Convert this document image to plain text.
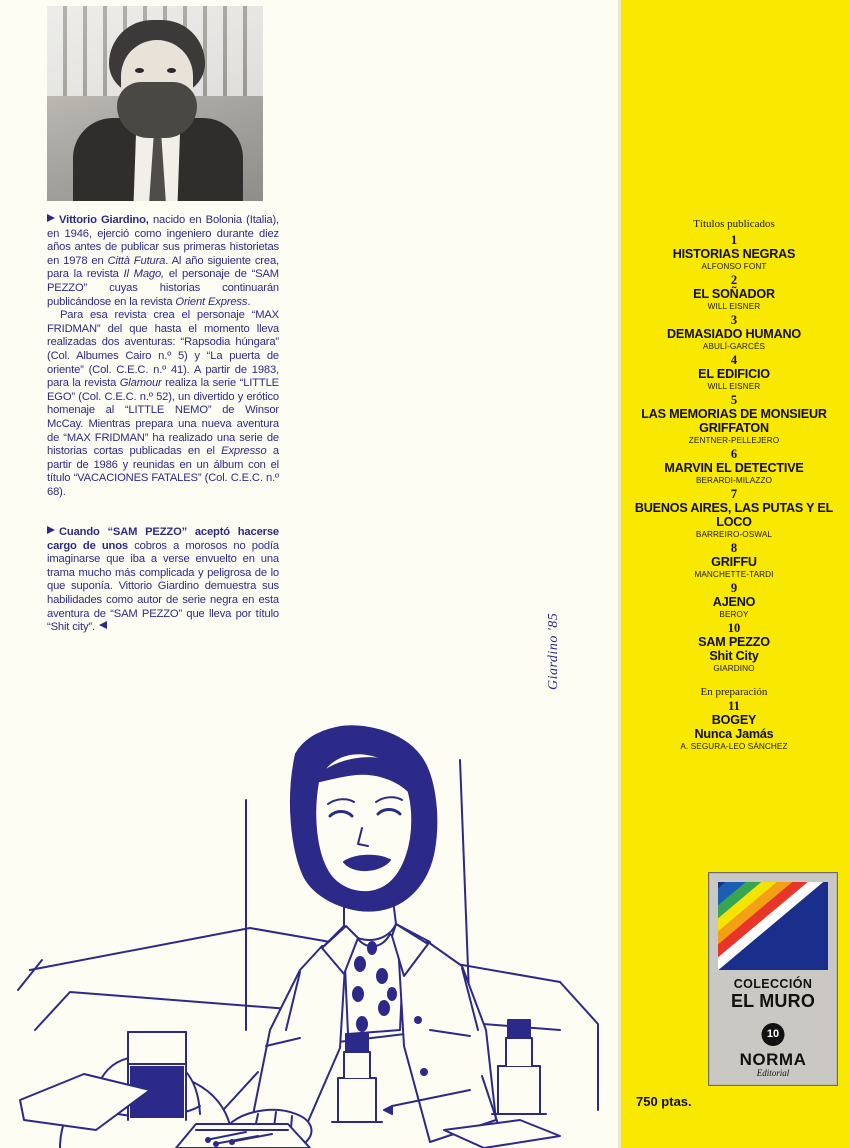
Vittorio Giardino, nacido en Bolonia (Italia), en 1946, ejerció como ingeniero durante diez años antes de publicar sus primeras historietas en 1978 en Città Futura. Al año siguiente crea, para la revista Il Mago, el personaje de “SAM PEZZO” cuyas historias continuarán publicándose en la revista Orient Express.

Para esa revista crea el personaje “MAX FRIDMAN” del que hasta el momento lleva realizadas dos aventuras: “Rapsodia húngara” (Col. Albumes Cairo n.º 5) y “La puerta de oriente” (Col. C.E.C. n.º 41). A partir de 1983, para la revista Glamour realiza la serie “LITTLE EGO” (Col. C.E.C. n.º 52), un divertido y erótico homenaje al “LITTLE NEMO” de Winsor McCay. Mientras prepara una nueva aventura de “MAX FRIDMAN” ha realizado una serie de historias cortas publicadas en el Expresso a partir de 1986 y reunidas en un álbum con el título “VACACIONES FATALES” (Col. C.E.C. n.º 68).

Cuando “SAM PEZZO” aceptó hacerse cargo de unos cobros a morosos no podía imaginarse que iba a verse envuelto en una trama mucho más complicada y peligrosa de lo que suponía. Vittorio Giardino demuestra sus habilidades como autor de serie negra en esta aventura de “SAM PEZZO” que lleva por título “Shit city”.	Giardino '85
Títulos publicados
1
HISTORIAS NEGRAS
ALFONSO FONT
2
EL SOÑADOR
WILL EISNER
3
DEMASIADO HUMANO
ABULÍ-GARCÉS
4
EL EDIFICIO
WILL EISNER
5
LAS MEMORIAS DE MONSIEUR GRIFFATON
ZENTNER-PELLEJERO
6
MARVIN EL DETECTIVE
BERARDI-MILAZZO
7
BUENOS AIRES, LAS PUTAS Y EL LOCO
BARREIRO-OSWAL
8
GRIFFU
MANCHETTE-TARDI
9
AJENO
BEROY
10
SAM PEZZO
Shit City
GIARDINO
En preparación
11
BOGEY
Nunca Jamás
A. SEGURA-LEO SÁNCHEZ
COLECCIÓN
EL MURO
10
NORMA
Editorial
750 ptas.
